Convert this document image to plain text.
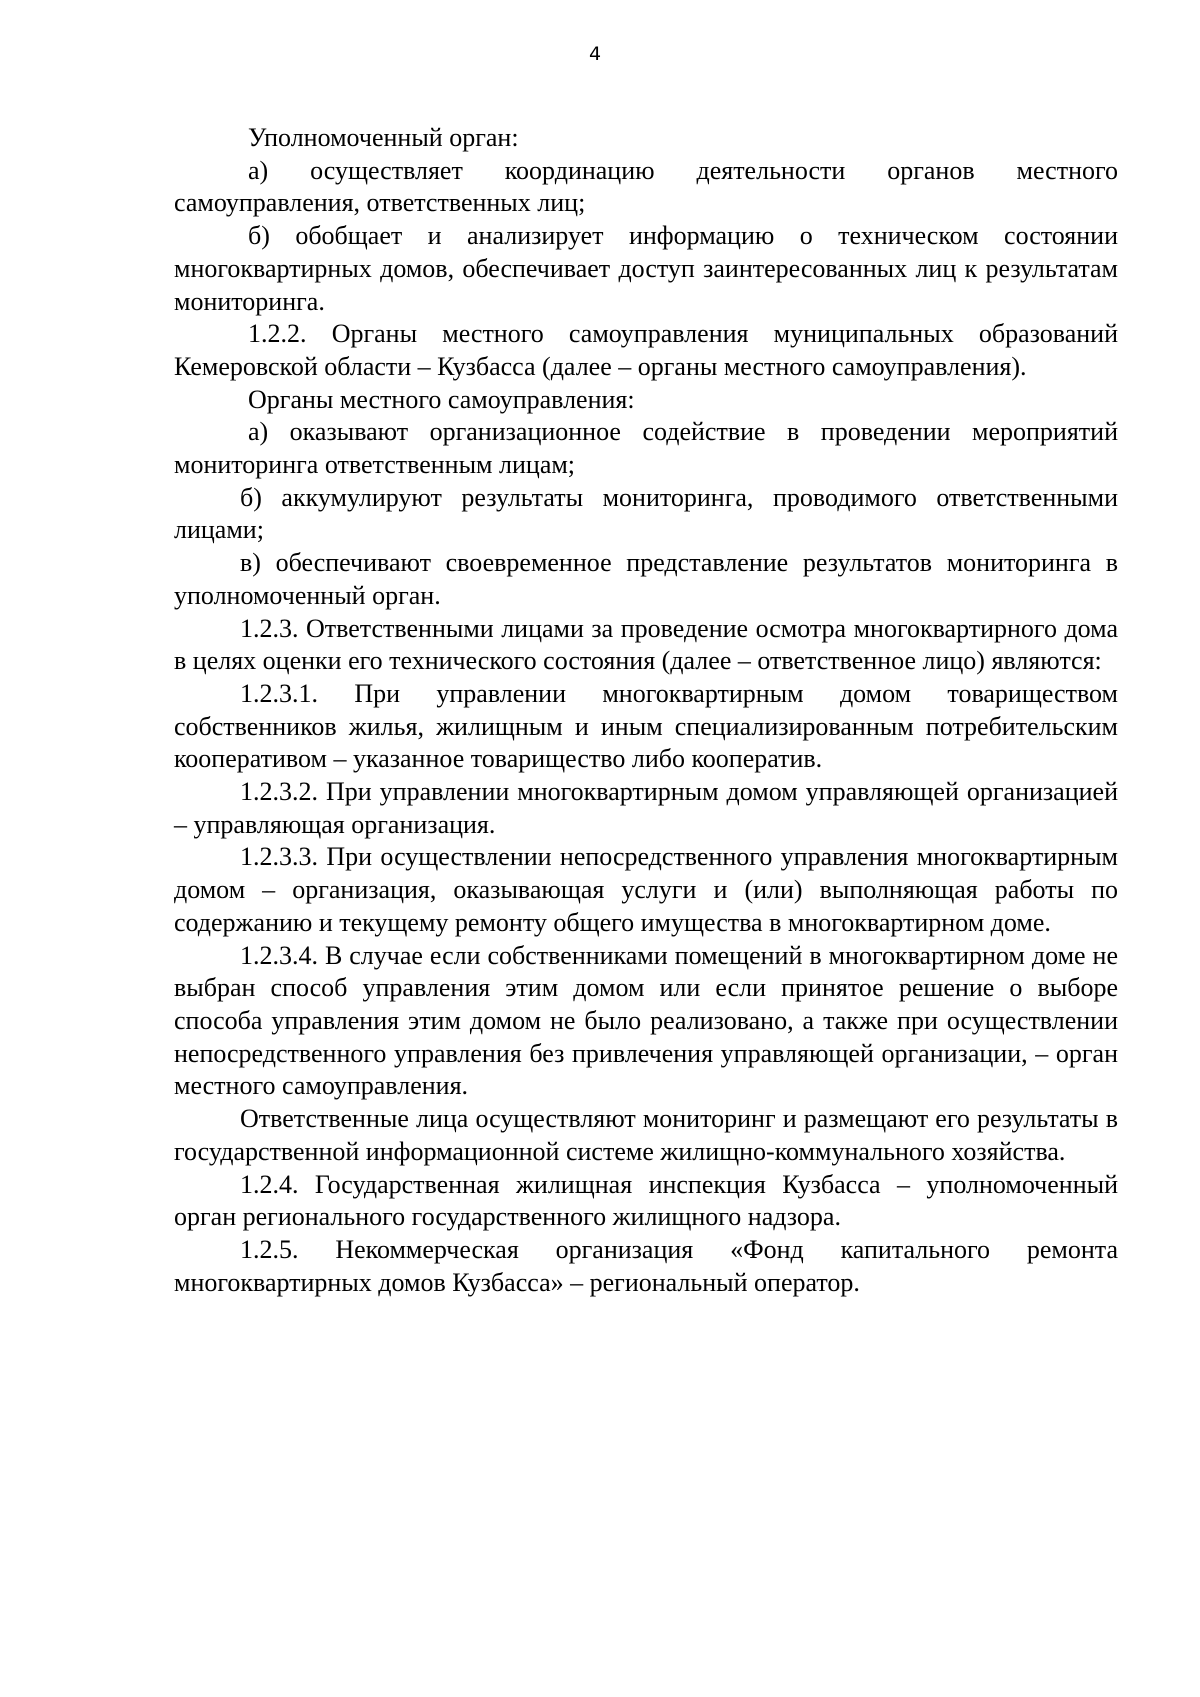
4

Уполномоченный орган:

а) осуществляет координацию деятельности органов местного самоуправления, ответственных лиц;

б) обобщает и анализирует информацию о техническом состоянии многоквартирных домов, обеспечивает доступ заинтересованных лиц к результатам мониторинга.

1.2.2. Органы местного самоуправления муниципальных образований Кемеровской области – Кузбасса (далее – органы местного самоуправления).

Органы местного самоуправления:

а) оказывают организационное содействие в проведении мероприятий мониторинга ответственным лицам;

б) аккумулируют результаты мониторинга, проводимого ответственными лицами;

в) обеспечивают своевременное представление результатов мониторинга в уполномоченный орган.

1.2.3. Ответственными лицами за проведение осмотра многоквартирного дома в целях оценки его технического состояния (далее – ответственное лицо) являются:

1.2.3.1. При управлении многоквартирным домом товариществом собственников жилья, жилищным и иным специализированным потребительским кооперативом – указанное товарищество либо кооператив.

1.2.3.2. При управлении многоквартирным домом управляющей организацией – управляющая организация.

1.2.3.3. При осуществлении непосредственного управления многоквартирным домом – организация, оказывающая услуги и (или) выполняющая работы по содержанию и текущему ремонту общего имущества в многоквартирном доме.

1.2.3.4. В случае если собственниками помещений в многоквартирном доме не выбран способ управления этим домом или если принятое решение о выборе способа управления этим домом не было реализовано, а также при осуществлении непосредственного управления без привлечения управляющей организации, – орган местного самоуправления.

Ответственные лица осуществляют мониторинг и размещают его результаты в государственной информационной системе жилищно-коммунального хозяйства.

1.2.4. Государственная жилищная инспекция Кузбасса – уполномоченный орган регионального государственного жилищного надзора.

1.2.5. Некоммерческая организация «Фонд капитального ремонта многоквартирных домов Кузбасса» – региональный оператор.
